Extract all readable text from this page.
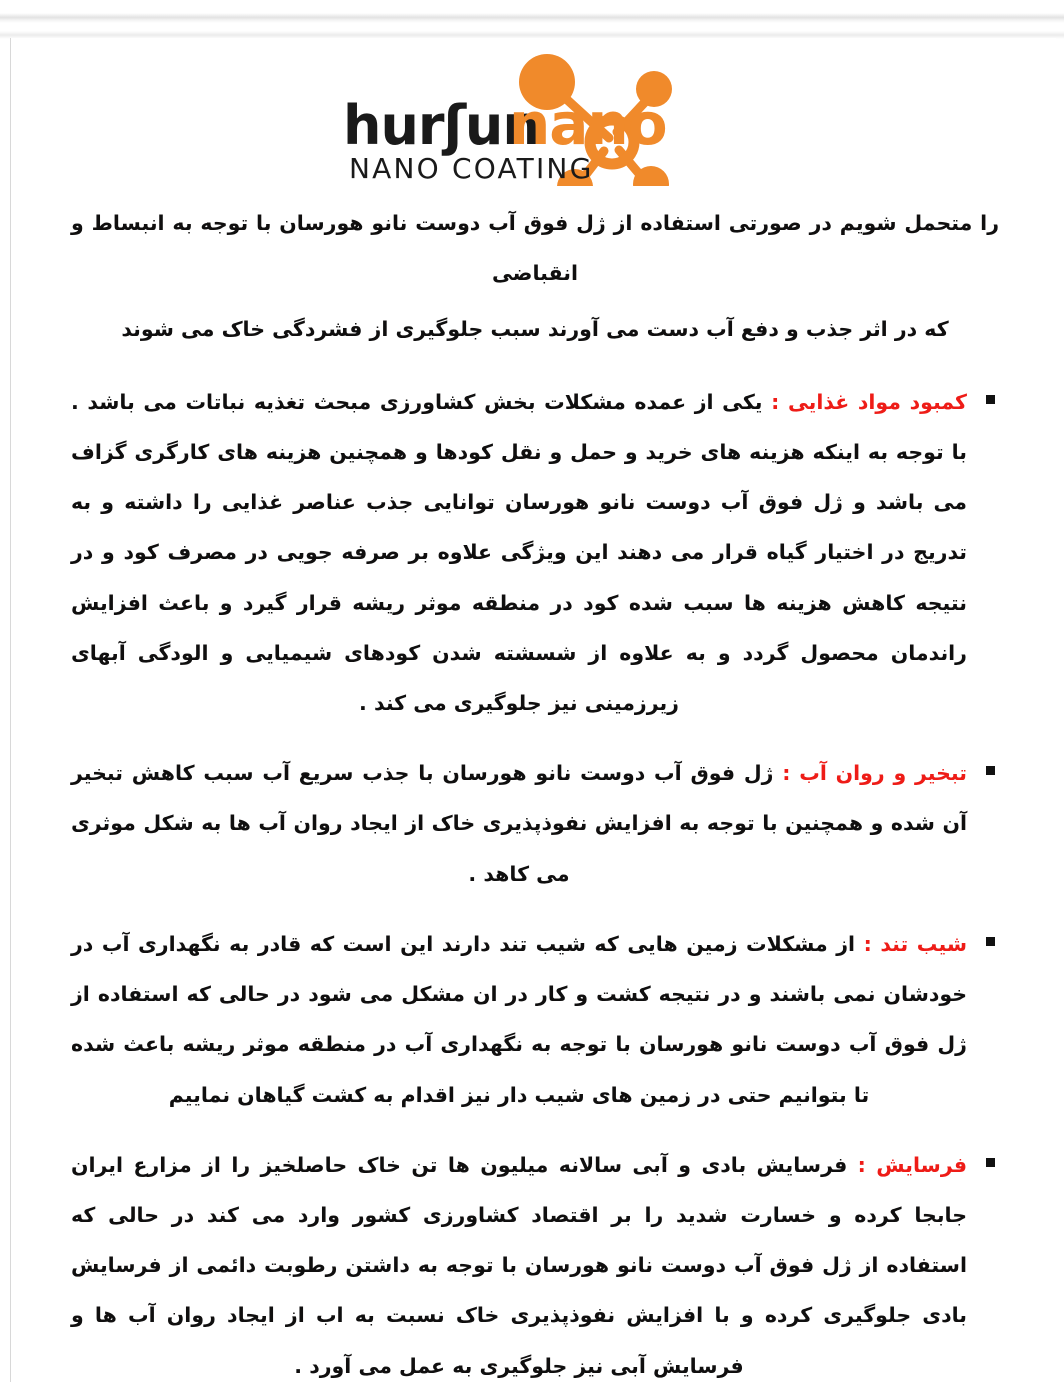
hurʃun
nano
NANO COATING

را متحمل شویم در صورتی استفاده از ژل فوق آب دوست نانو هورسان با توجه به انبساط و انقباضی

که در اثر جذب و دفع آب دست می آورند سبب جلوگیری از فشردگی خاک می شوند

کمبود مواد غذایی : یکی از عمده مشکلات بخش کشاورزی مبحث تغذیه نباتات می باشد . با توجه به اینکه هزینه های خرید و حمل و نقل کودها و همچنین هزینه های کارگری گزاف می باشد و ژل فوق آب دوست نانو هورسان توانایی جذب عناصر غذایی را داشته و به تدریج در اختیار گیاه قرار می دهند این ویژگی علاوه بر صرفه جویی در مصرف کود و در نتیجه کاهش هزینه ها سبب شده کود در منطقه موثر ریشه قرار گیرد و باعث افزایش راندمان محصول گردد و به علاوه از شسشته شدن کودهای شیمیایی و الودگی آبهای زیرزمینی نیز جلوگیری می کند .

تبخیر و روان آب : ژل فوق آب دوست نانو هورسان با جذب سریع آب سبب کاهش تبخیر آن شده و همچنین با توجه به افزایش نفوذپذیری خاک از ایجاد روان آب ها به شکل موثری می کاهد .

شیب تند : از مشکلات زمین هایی که شیب تند دارند این است که قادر به نگهداری آب در خودشان نمی باشند و در نتیجه کشت و کار در ان مشکل می شود در حالی که استفاده از ژل فوق آب دوست نانو هورسان با توجه به نگهداری آب در منطقه موثر ریشه باعث شده تا بتوانیم حتی در زمین های شیب دار نیز اقدام به کشت گیاهان نماییم

فرسایش : فرسایش بادی و آبی سالانه میلیون ها تن خاک حاصلخیز را از مزارع ایران جابجا کرده و خسارت شدید را بر اقتصاد کشاورزی کشور وارد می کند در حالی که استفاده از ژل فوق آب دوست نانو هورسان با توجه به داشتن رطوبت دائمی از فرسایش بادی جلوگیری کرده و با افزایش نفوذپذیری خاک نسبت به اب از ایجاد روان آب ها و فرسایش آبی نیز جلوگیری به عمل می آورد .
